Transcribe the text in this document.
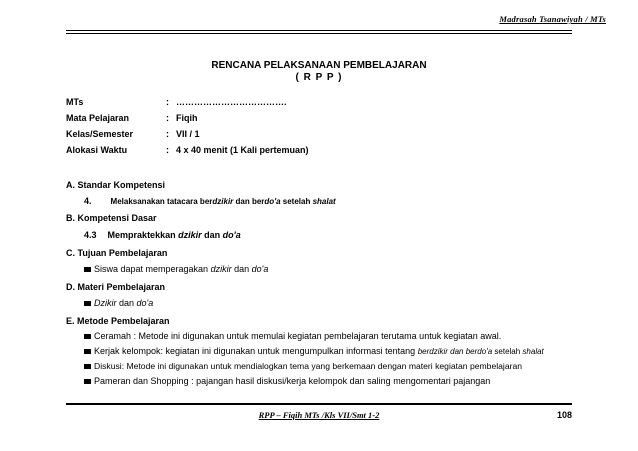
Madrasah Tsanawiyah / MTs
RENCANA PELAKSANAAN PEMBELAJARAN
( R P P )
MTs	: ……………………………….
Mata Pelajaran	: Fiqih
Kelas/Semester	: VII / 1
Alokasi Waktu	: 4 x 40 menit (1 Kali pertemuan)
A. Standar Kompetensi
4. Melaksanakan tatacara berdzikir dan berdo'a setelah shalat
B. Kompetensi Dasar
4.3 Mempraktekkan dzikir dan do'a
C. Tujuan Pembelajaran
Siswa dapat memperagakan dzikir dan do'a
D. Materi Pembelajaran
Dzikir dan do'a
E. Metode Pembelajaran
Ceramah : Metode ini digunakan untuk memulai kegiatan pembelajaran terutama untuk kegiatan awal.
Kerjak kelompok: kegiatan ini digunakan untuk mengumpulkan informasi tentang berdzikir dan berdo'a setelah shalat
Diskusi: Metode ini digunakan untuk mendialogkan tema yang berkemaan dengan materi kegiatan pembelajaran
Pameran dan Shopping : pajangan hasil diskusi/kerja kelompok dan saling mengomentari pajangan
RPP – Fiqih MTs /Kls VII/Smt 1-2	108
